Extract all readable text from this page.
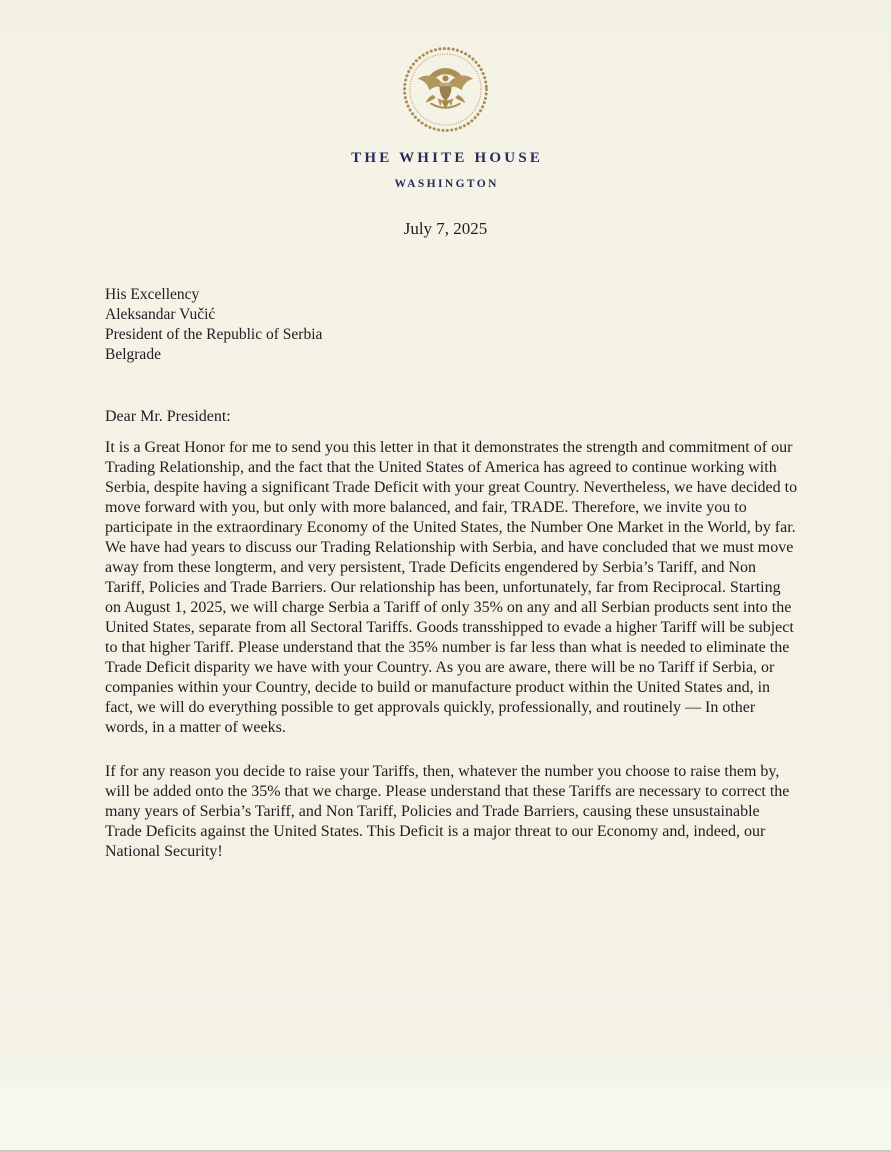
THE WHITE HOUSE
WASHINGTON
July 7, 2025
His Excellency
Aleksandar Vučić
President of the Republic of Serbia
Belgrade
Dear Mr. President:

It is a Great Honor for me to send you this letter in that it demonstrates the strength and commitment of our Trading Relationship, and the fact that the United States of America has agreed to continue working with Serbia, despite having a significant Trade Deficit with your great Country. Nevertheless, we have decided to move forward with you, but only with more balanced, and fair, TRADE. Therefore, we invite you to participate in the extraordinary Economy of the United States, the Number One Market in the World, by far. We have had years to discuss our Trading Relationship with Serbia, and have concluded that we must move away from these longterm, and very persistent, Trade Deficits engendered by Serbia’s Tariff, and Non Tariff, Policies and Trade Barriers. Our relationship has been, unfortunately, far from Reciprocal. Starting on August 1, 2025, we will charge Serbia a Tariff of only 35% on any and all Serbian products sent into the United States, separate from all Sectoral Tariffs. Goods transshipped to evade a higher Tariff will be subject to that higher Tariff. Please understand that the 35% number is far less than what is needed to eliminate the Trade Deficit disparity we have with your Country. As you are aware, there will be no Tariff if Serbia, or companies within your Country, decide to build or manufacture product within the United States and, in fact, we will do everything possible to get approvals quickly, professionally, and routinely — In other words, in a matter of weeks.

If for any reason you decide to raise your Tariffs, then, whatever the number you choose to raise them by, will be added onto the 35% that we charge. Please understand that these Tariffs are necessary to correct the many years of Serbia’s Tariff, and Non Tariff, Policies and Trade Barriers, causing these unsustainable Trade Deficits against the United States. This Deficit is a major threat to our Economy and, indeed, our National Security!
